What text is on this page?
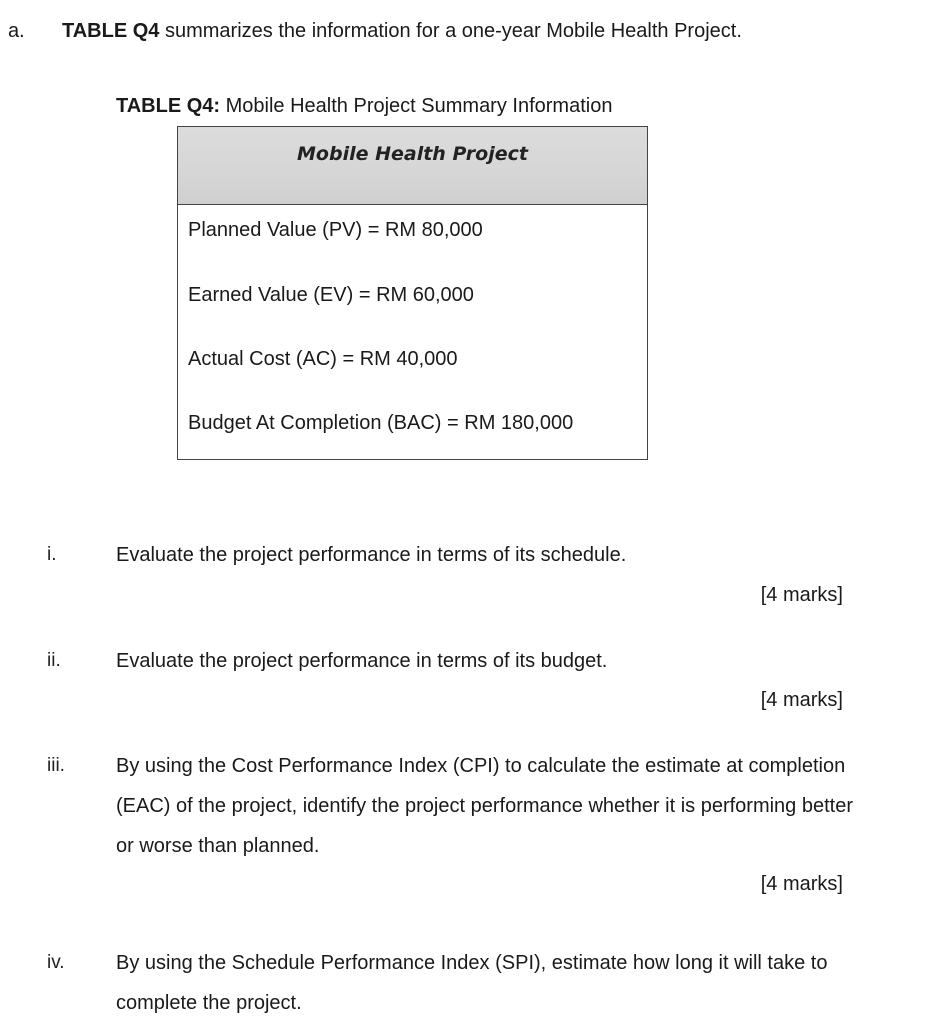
a. TABLE Q4 summarizes the information for a one-year Mobile Health Project.
TABLE Q4: Mobile Health Project Summary Information
Mobile Health Project
Planned Value (PV) = RM 80,000
Earned Value (EV) = RM 60,000
Actual Cost (AC) = RM 40,000
Budget At Completion (BAC) = RM 180,000
i.	Evaluate the project performance in terms of its schedule.
[4 marks]
ii.	Evaluate the project performance in terms of its budget.
[4 marks]
iii.	By using the Cost Performance Index (CPI) to calculate the estimate at completion (EAC) of the project, identify the project performance whether it is performing better or worse than planned.
[4 marks]
iv.	By using the Schedule Performance Index (SPI), estimate how long it will take to complete the project.
